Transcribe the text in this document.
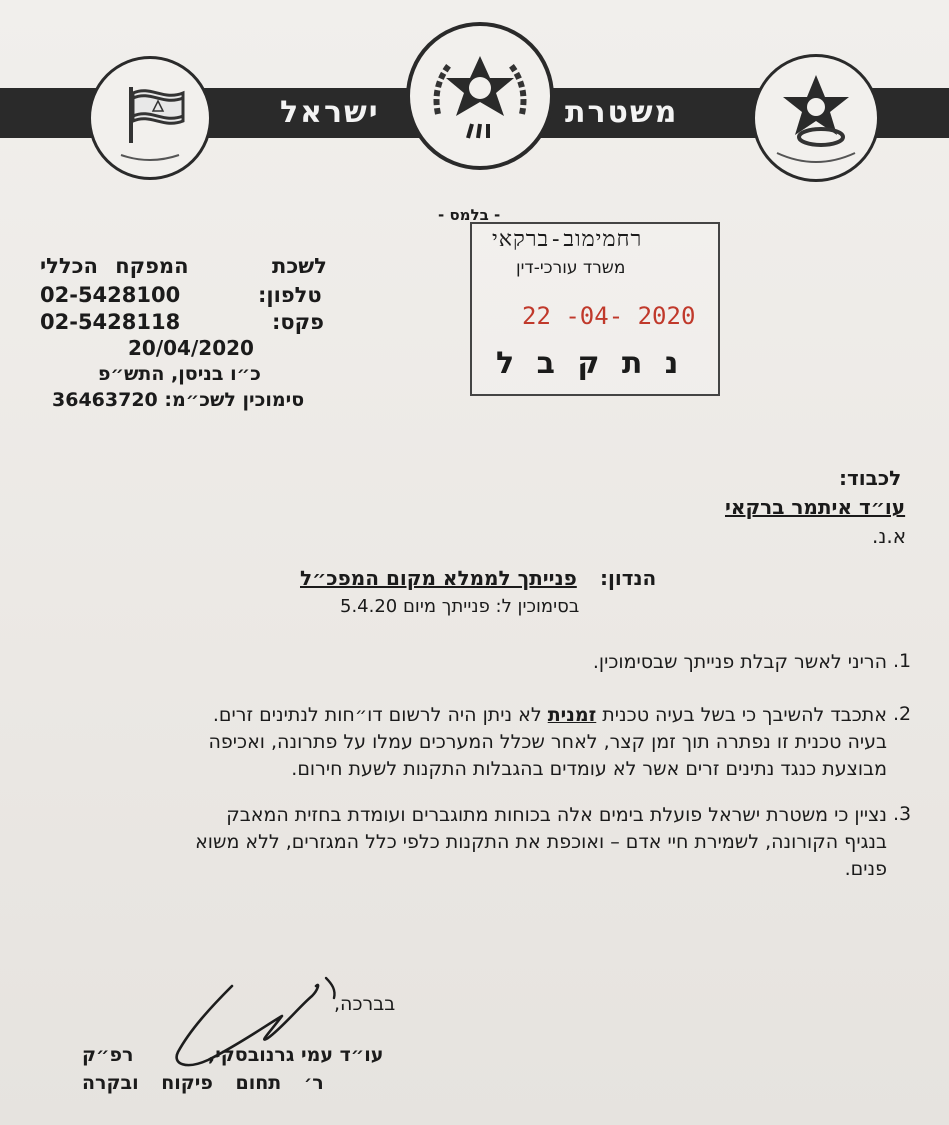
ישראל	משטרת
- בלמס -
רחמימוב-ברקאי
משרד עורכי-דין
22 -04- 2020
נ ת ק ב ל
לשכת
המפקח הכללי
טלפון:
02-5428100
פקס:
02-5428118
20/04/2020
כ״ו בניסן, התש״פ
סימוכין לשכ״מ: 36463720
לכבוד:
עו״ד איתמר ברקאי
א.נ.
הנדון:
פנייתך לממלא מקום המפכ״ל
בסימוכין ל: פנייתך מיום 5.4.20
.1
הריני לאשר קבלת פנייתך שבסימוכין.
.2
אתכבד להשיבך כי בשל בעיה טכנית זמנית לא ניתן היה לרשום דו״חות לנתינים זרים.
בעיה טכנית זו נפתרה תוך זמן קצר, לאחר שכלל המערכים עמלו על פתרונה, ואכיפה
מבוצעת כנגד נתינים זרים אשר לא עומדים בהגבלות התקנות לשעת חירום.
.3
נציין כי משטרת ישראל פועלת בימים אלה בכוחות מתוגברים ועומדת בחזית המאבק
בנגיף הקורונה, לשמירת חיי אדם – ואוכפת את התקנות כלפי כלל המגזרים, ללא משוא
פנים.
בברכה,
עו״ד עמי גרנובסקי,
רפ״ק
ר׳ תחום פיקוח ובקרה
